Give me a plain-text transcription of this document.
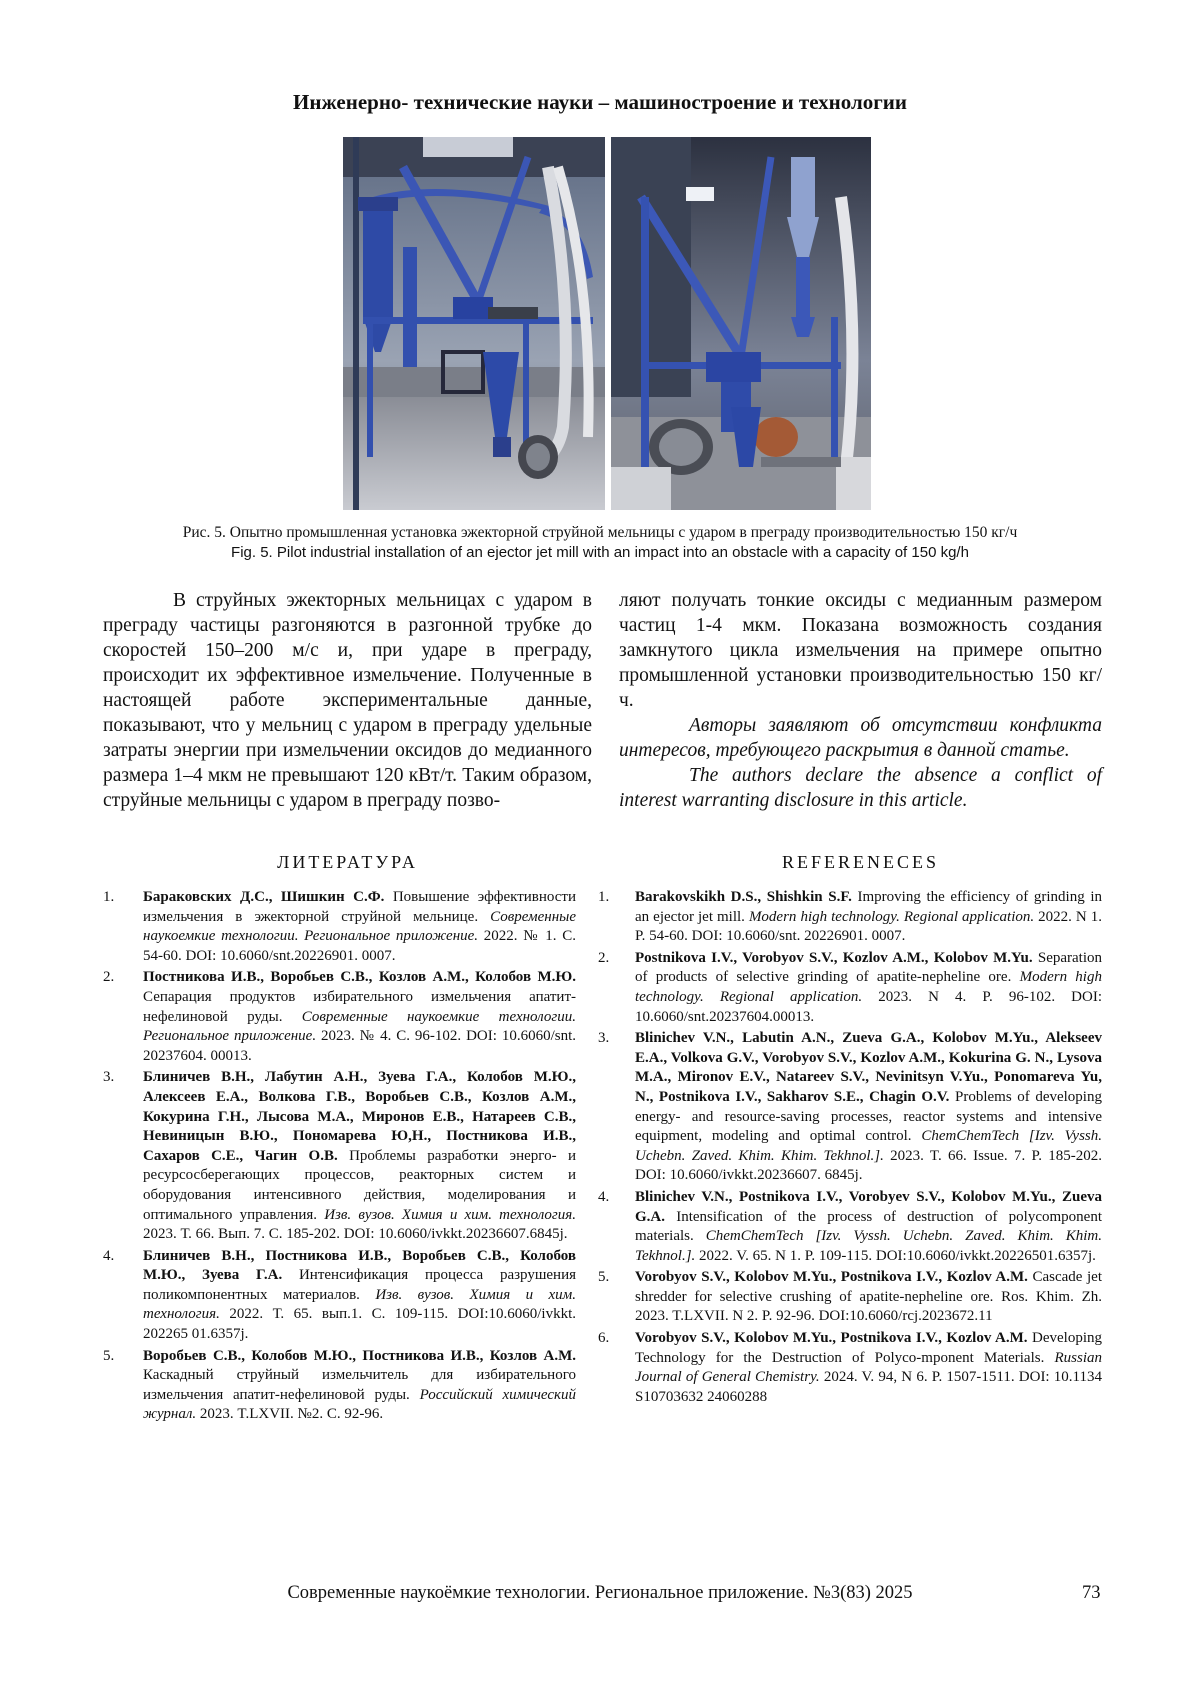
Инженерно- технические науки – машиностроение и технологии
Рис. 5. Опытно промышленная установка эжекторной струйной мельницы с ударом в преграду производительностью 150 кг/ч
Fig. 5. Pilot industrial installation of an ejector jet mill with an impact into an obstacle with a capacity of 150 kg/h

В струйных эжекторных мельницах с ударом в преграду частицы разгоняются в разгонной трубке до скоростей 150–200 м/с и, при ударе в преграду, происходит их эффективное измельчение. Полученные в настоящей работе экспериментальные данные, показывают, что у мельниц с ударом в преграду удельные затраты энергии при измельчении оксидов до медианного размера 1–4 мкм не превышают 120 кВт/т. Таким образом, струйные мельницы с ударом в преграду позво-

ляют получать тонкие оксиды с медианным размером частиц 1-4 мкм. Показана возможность создания замкнутого цикла измельчения на примере опытно промышленной установки производительностью 150 кг/ч.

Авторы заявляют об отсутствии конфликта интересов, требующего раскрытия в данной статье.

The authors declare the absence a conflict of interest warranting disclosure in this article.

ЛИТЕРАТУРА	REFERENECES
1. Бараковских Д.С., Шишкин С.Ф. Повышение эффективности измельчения в эжекторной струйной мельнице. Современные наукоемкие технологии. Региональное приложение. 2022. № 1. С. 54-60. DOI: 10.6060/snt.20226901. 0007.
2. Постникова И.В., Воробьев С.В., Козлов А.М., Колобов М.Ю. Сепарация продуктов избирательного измельчения апатит-нефелиновой руды. Современные наукоемкие технологии. Региональное приложение. 2023. № 4. С. 96-102. DOI: 10.6060/snt. 20237604. 00013.
3. Блиничев В.Н., Лабутин А.Н., Зуева Г.А., Колобов М.Ю., Алексеев Е.А., Волкова Г.В., Воробьев С.В., Козлов А.М., Кокурина Г.Н., Лысова М.А., Миронов Е.В., Натареев С.В., Невиницын В.Ю., Пономарева Ю,Н., Постникова И.В., Сахаров С.Е., Чагин О.В. Проблемы разработки энерго- и ресурсосберегающих процессов, реакторных систем и оборудования интенсивного действия, моделирования и оптимального управления. Изв. вузов. Химия и хим. технология. 2023. Т. 66. Вып. 7. С. 185-202. DOI: 10.6060/ivkkt.20236607.6845j.
4. Блиничев В.Н., Постникова И.В., Воробьев С.В., Колобов М.Ю., Зуева Г.А. Интенсификация процесса разрушения поликомпонентных материалов. Изв. вузов. Химия и хим. технология. 2022. Т. 65. вып.1. С. 109-115. DOI:10.6060/ivkkt. 202265 01.6357j.
5. Воробьев С.В., Колобов М.Ю., Постникова И.В., Козлов А.М. Каскадный струйный измельчитель для избирательного измельчения апатит-нефелиновой руды. Российский химический журнал. 2023. T.LXVII. №2. С. 92-96.
1. Barakovskikh D.S., Shishkin S.F. Improving the efficiency of grinding in an ejector jet mill. Modern high technology. Regional application. 2022. N 1. P. 54-60. DOI: 10.6060/snt. 20226901. 0007.
2. Postnikova I.V., Vorobyov S.V., Kozlov A.M., Kolobov M.Yu. Separation of products of selective grinding of apatite-nepheline ore. Modern high technology. Regional application. 2023. N 4. P. 96-102. DOI: 10.6060/snt.20237604.00013.
3. Blinichev V.N., Labutin A.N., Zueva G.A., Kolobov M.Yu., Alekseev E.A., Volkova G.V., Vorobyov S.V., Kozlov A.M., Kokurina G. N., Lysova M.A., Mironov E.V., Natareev S.V., Nevinitsyn V.Yu., Ponomareva Yu, N., Postnikova I.V., Sakharov S.E., Chagin O.V. Problems of developing energy- and resource-saving processes, reactor systems and intensive equipment, modeling and optimal control. ChemChemTech [Izv. Vyssh. Uchebn. Zaved. Khim. Khim. Tekhnol.]. 2023. T. 66. Issue. 7. P. 185-202. DOI: 10.6060/ivkkt.20236607. 6845j.
4. Blinichev V.N., Postnikova I.V., Vorobyev S.V., Kolobov M.Yu., Zueva G.A. Intensification of the process of destruction of polycomponent materials. ChemChemTech [Izv. Vyssh. Uchebn. Zaved. Khim. Khim. Tekhnol.]. 2022. V. 65. N 1. P. 109-115. DOI:10.6060/ivkkt.20226501.6357j.
5. Vorobyov S.V., Kolobov M.Yu., Postnikova I.V., Kozlov A.M. Cascade jet shredder for selective crushing of apatite-nepheline ore. Ros. Khim. Zh. 2023. T.LXVII. N 2. P. 92-96. DOI:10.6060/rcj.2023672.11
6. Vorobyov S.V., Kolobov M.Yu., Postnikova I.V., Kozlov A.M. Developing Technology for the Destruction of Polyco-mponent Materials. Russian Journal of General Chemistry. 2024. V. 94, N 6. P. 1507-1511. DOI: 10.1134 S10703632 24060288
Современные наукоёмкие технологии. Региональное приложение. №3(83) 2025	73
